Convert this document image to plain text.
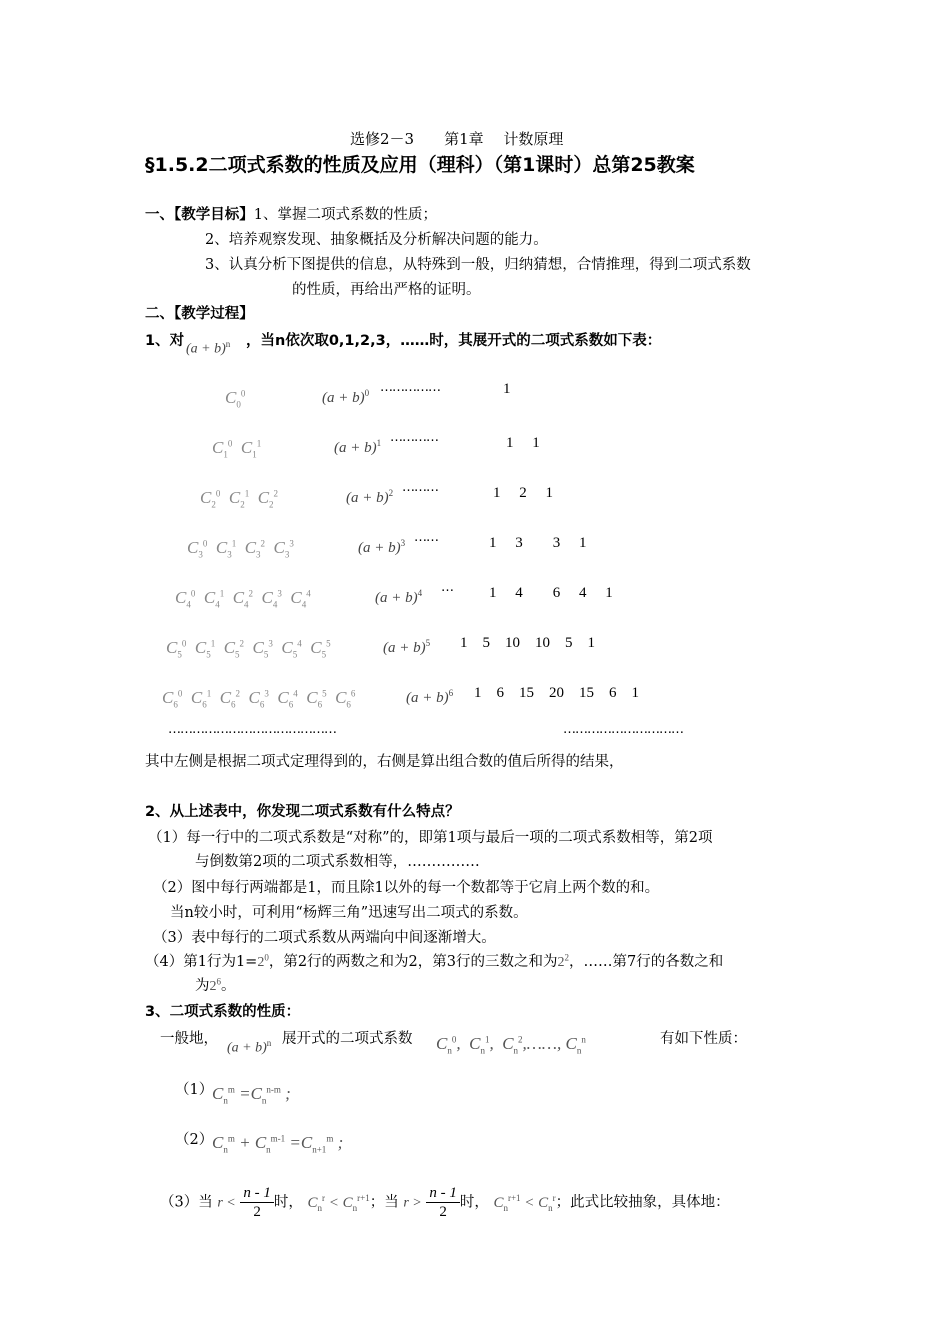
选修2－3　　第1章　 计数原理
§1.5.2二项式系数的性质及应用（理科）（第1课时）总第25教案
一、【教学目标】1、掌握二项式系数的性质；
2、培养观察发现、抽象概括及分析解决问题的能力。
3、认真分析下图提供的信息，从特殊到一般，归纳猜想，合情推理，得到二项式系数
的性质，再给出严格的证明。
二、【教学过程】
1、对
$(a + b)^n$ ，当n依次取0,1,2,3，……时，其展开式的二项式系数如下表：
$C_0^0$	$(a + b)^0$ ……………	1
$C_1^0$  $C_1^1$	$(a + b)^1$ …………	1　 1
$C_2^0$  $C_2^1$  $C_2^2$	$(a + b)^2$ ………	1　 2　 1
$C_3^0$  $C_3^1$  $C_3^2$  $C_3^3$	$(a + b)^3$ ……	1　 3　　3　 1
$C_4^0$  $C_4^1$  $C_4^2$  $C_4^3$  $C_4^4$	$(a + b)^4$ … 1　 4　　6　 4　 1
$C_5^0$  $C_5^1$  $C_5^2$  $C_5^3$  $C_5^4$  $C_5^5$	$(a + b)^5$ 1　5　10　10　5　1
$C_6^0$  $C_6^1$  $C_6^2$  $C_6^3$  $C_6^4$  $C_6^5$  $C_6^6$	$(a + b)^6$ 1　6　15　20　15　6　1
……………………………………	…………………………
其中左侧是根据二项式定理得到的，右侧是算出组合数的值后所得的结果，
2、从上述表中，你发现二项式系数有什么特点？
（1）每一行中的二项式系数是“对称”的，即第1项与最后一项的二项式系数相等，第2项
与倒数第2项的二项式系数相等，……………
（2）图中每行两端都是1，而且除1以外的每一个数都等于它肩上两个数的和。
当n较小时，可利用“杨辉三角”迅速写出二项式的系数。
（3）表中每行的二项式系数从两端向中间逐渐增大。
（4）第1行为$1=2^0$，第2行的两数之和为2，第3行的三数之和为$2^2$，……第7行的各数之和
为$2^6$。
3、二项式系数的性质：
一般地，
$(a + b)^n$ 展开式的二项式系数 $C_n^0$,  $C_n^1$,  $C_n^2,\dots\dots$, $C_n^n$	有如下性质：
（1）
$C_n^m =C_n^{n-m}$ ;
（2）
$C_n^m + C_n^{m-1} =C_{n+1}^m$ ;
（3）当 $r < \frac{n - 1}{2}$ 时， $C_n^r < C_n^{r+1}$；当 $r > \frac{n - 1}{2}$ 时， $C_n^{r+1} < C_n^r$；此式比较抽象，具体地：
